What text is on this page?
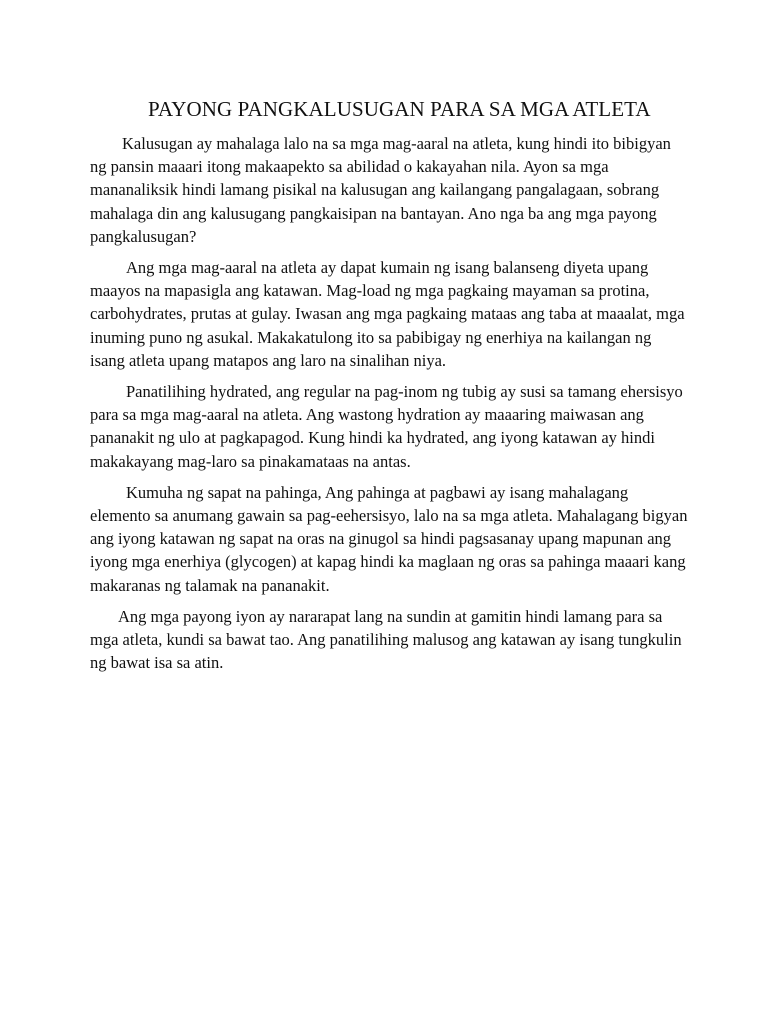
PAYONG PANGKALUSUGAN PARA SA MGA ATLETA

Kalusugan ay mahalaga lalo na sa mga mag-aaral na atleta, kung hindi ito bibigyan ng pansin maaari itong makaapekto sa abilidad o kakayahan nila. Ayon sa mga mananaliksik hindi lamang pisikal na kalusugan ang kailangang pangalagaan, sobrang mahalaga din ang kalusugang pangkaisipan na bantayan. Ano nga ba ang mga payong pangkalusugan?

Ang mga mag-aaral na atleta ay dapat kumain ng isang balanseng diyeta upang maayos na mapasigla ang katawan. Mag-load ng mga pagkaing mayaman sa protina, carbohydrates, prutas at gulay. Iwasan ang mga pagkaing mataas ang taba at maaalat, mga inuming puno ng asukal. Makakatulong ito sa pabibigay ng enerhiya na kailangan ng isang atleta upang matapos ang laro na sinalihan niya.

Panatilihing hydrated, ang regular na pag-inom ng tubig ay susi sa tamang ehersisyo para sa mga mag-aaral na atleta. Ang wastong hydration ay maaaring maiwasan ang pananakit ng ulo at pagkapagod. Kung hindi ka hydrated, ang iyong katawan ay hindi makakayang mag-laro sa pinakamataas na antas.

Kumuha ng sapat na pahinga, Ang pahinga at pagbawi ay isang mahalagang elemento sa anumang gawain sa pag-eehersisyo, lalo na sa mga atleta. Mahalagang bigyan ang iyong katawan ng sapat na oras na ginugol sa hindi pagsasanay upang mapunan ang iyong mga enerhiya (glycogen) at kapag hindi ka maglaan ng oras sa pahinga maaari kang makaranas ng talamak na pananakit.

Ang mga payong iyon ay nararapat lang na sundin at gamitin hindi lamang para sa mga atleta, kundi sa bawat tao. Ang panatilihing malusog ang katawan ay isang tungkulin ng bawat isa sa atin.
